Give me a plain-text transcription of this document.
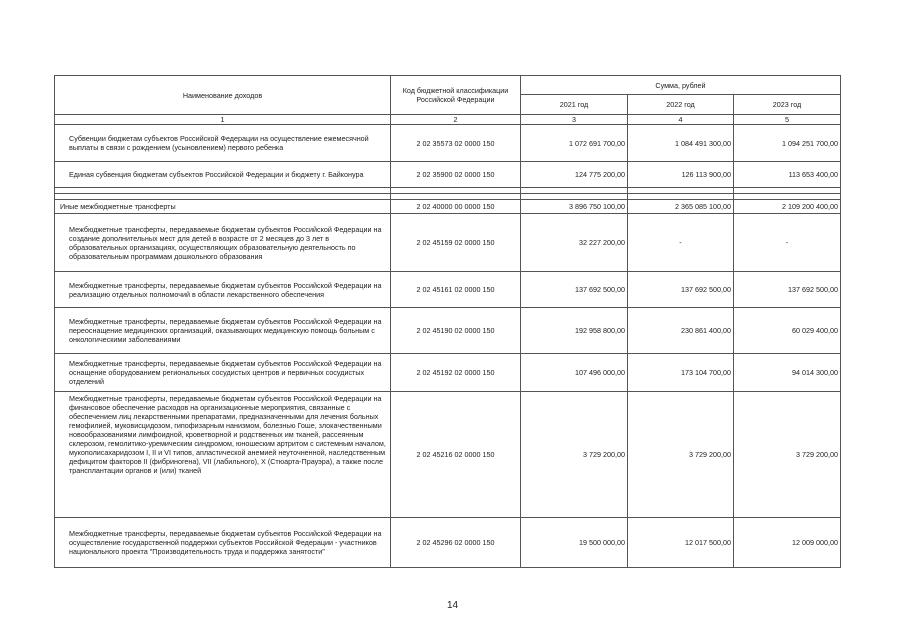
Наименование доходов	Код бюджетной классификации Российской Федерации	Сумма, рублей		
		2021 год	2022 год	2023 год
1	2	3	4	5
Субвенции бюджетам субъектов Российской Федерации на осуществление ежемесячной выплаты в связи с рождением (усыновлением) первого ребенка	2 02 35573 02 0000 150	1 072 691 700,00	1 084 491 300,00	1 094 251 700,00
Единая субвенция бюджетам субъектов Российской Федерации и бюджету г. Байконура	2 02 35900 02 0000 150	124 775 200,00	126 113 900,00	113 653 400,00

Иные межбюджетные трансферты	2 02 40000 00 0000 150	3 896 750 100,00	2 365 085 100,00	2 109 200 400,00
Межбюджетные трансферты, передаваемые бюджетам субъектов Российской Федерации на создание дополнительных мест для детей в возрасте от 2 месяцев до 3 лет в образовательных организациях, осуществляющих образовательную деятельность по образовательным программам дошкольного образования	2 02 45159 02 0000 150	32 227 200,00	-	-
Межбюджетные трансферты, передаваемые бюджетам субъектов Российской Федерации на реализацию отдельных полномочий в области лекарственного обеспечения	2 02 45161 02 0000 150	137 692 500,00	137 692 500,00	137 692 500,00
Межбюджетные трансферты, передаваемые бюджетам субъектов Российской Федерации на переоснащение медицинских организаций, оказывающих медицинскую помощь больным с онкологическими заболеваниями	2 02 45190 02 0000 150	192 958 800,00	230 861 400,00	60 029 400,00
Межбюджетные трансферты, передаваемые бюджетам субъектов Российской Федерации на оснащение оборудованием региональных сосудистых центров и первичных сосудистых отделений	2 02 45192 02 0000 150	107 496 000,00	173 104 700,00	94 014 300,00
Межбюджетные трансферты, передаваемые бюджетам субъектов Российской Федерации на финансовое обеспечение расходов на организационные мероприятия, связанные с обеспечением лиц лекарственными препаратами, предназначенными для лечения больных гемофилией, муковисцидозом, гипофизарным нанизмом, болезнью Гоше, злокачественными новообразованиями лимфоидной, кроветворной и родственных им тканей, рассеянным склерозом, гемолитико-уремическим синдромом, юношеским артритом с системным началом, мукополисахаридозом I, II и VI типов, апластической анемией неуточненной, наследственным дефицитом факторов II (фибриногена), VII (лабильного), X (Стюарта-Прауэра), а также после трансплантации органов и (или) тканей	2 02 45216 02 0000 150	3 729 200,00	3 729 200,00	3 729 200,00
Межбюджетные трансферты, передаваемые бюджетам субъектов Российской Федерации на осуществление государственной поддержки субъектов Российской Федерации - участников национального проекта "Производительность труда и поддержка занятости"	2 02 45296 02 0000 150	19 500 000,00	12 017 500,00	12 009 000,00
14
